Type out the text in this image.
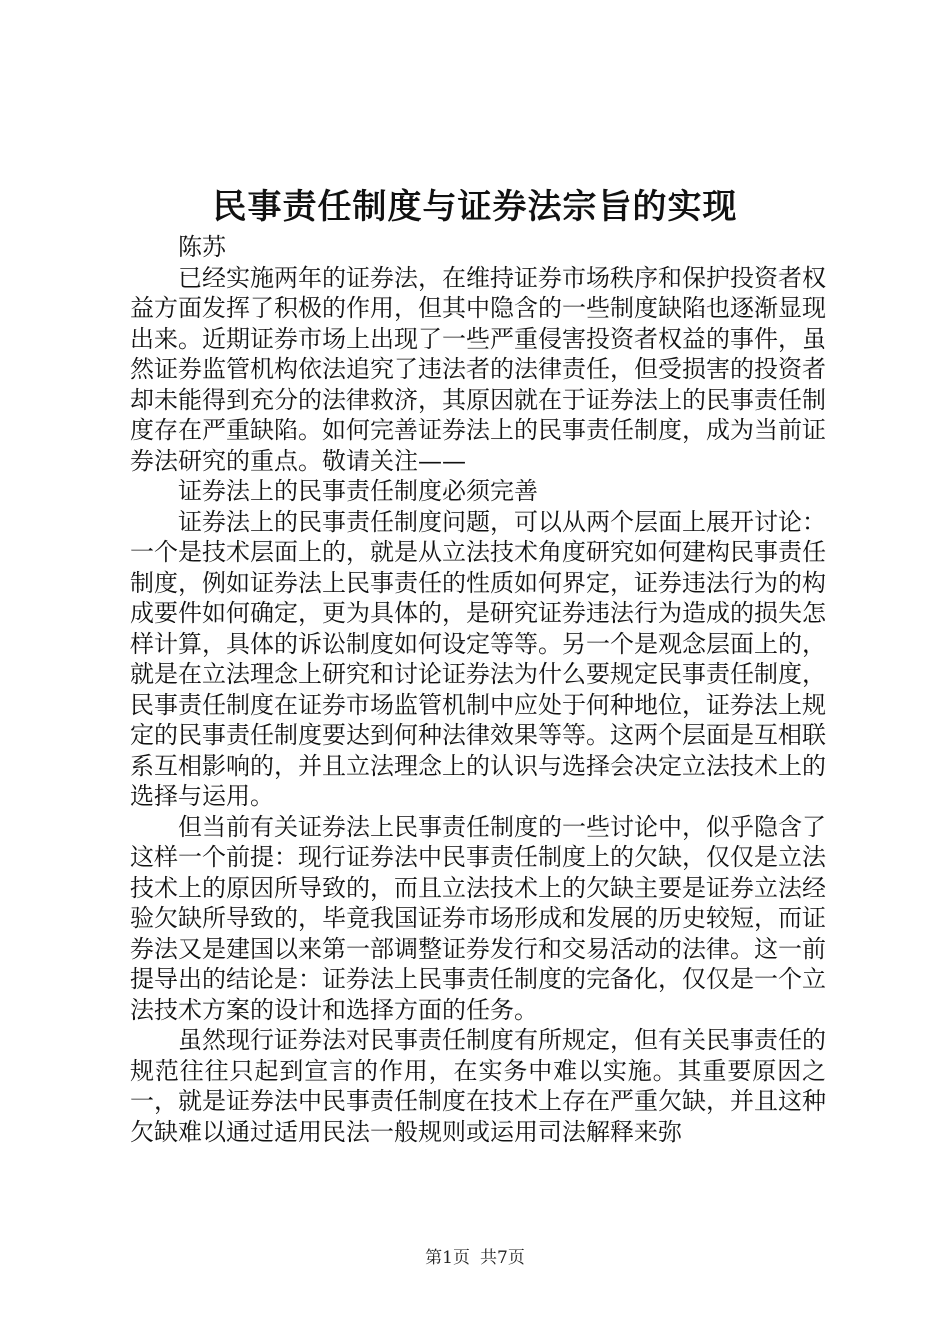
民事责任制度与证券法宗旨的实现

陈苏

已经实施两年的证券法，在维持证券市场秩序和保护投资者权益方面发挥了积极的作用，但其中隐含的一些制度缺陷也逐渐显现出来。近期证券市场上出现了一些严重侵害投资者权益的事件，虽然证券监管机构依法追究了违法者的法律责任，但受损害的投资者却未能得到充分的法律救济，其原因就在于证券法上的民事责任制度存在严重缺陷。如何完善证券法上的民事责任制度，成为当前证券法研究的重点。敬请关注——

证券法上的民事责任制度必须完善

证券法上的民事责任制度问题，可以从两个层面上展开讨论：一个是技术层面上的，就是从立法技术角度研究如何建构民事责任制度，例如证券法上民事责任的性质如何界定，证券违法行为的构成要件如何确定，更为具体的，是研究证券违法行为造成的损失怎样计算，具体的诉讼制度如何设定等等。另一个是观念层面上的，就是在立法理念上研究和讨论证券法为什么要规定民事责任制度，民事责任制度在证券市场监管机制中应处于何种地位，证券法上规定的民事责任制度要达到何种法律效果等等。这两个层面是互相联系互相影响的，并且立法理念上的认识与选择会决定立法技术上的选择与运用。

但当前有关证券法上民事责任制度的一些讨论中，似乎隐含了这样一个前提：现行证券法中民事责任制度上的欠缺，仅仅是立法技术上的原因所导致的，而且立法技术上的欠缺主要是证券立法经验欠缺所导致的，毕竟我国证券市场形成和发展的历史较短，而证券法又是建国以来第一部调整证券发行和交易活动的法律。这一前提导出的结论是：证券法上民事责任制度的完备化，仅仅是一个立法技术方案的设计和选择方面的任务。

虽然现行证券法对民事责任制度有所规定，但有关民事责任的规范往往只起到宣言的作用，在实务中难以实施。其重要原因之一，就是证券法中民事责任制度在技术上存在严重欠缺，并且这种欠缺难以通过适用民法一般规则或运用司法解释来弥

第1页 共7页
